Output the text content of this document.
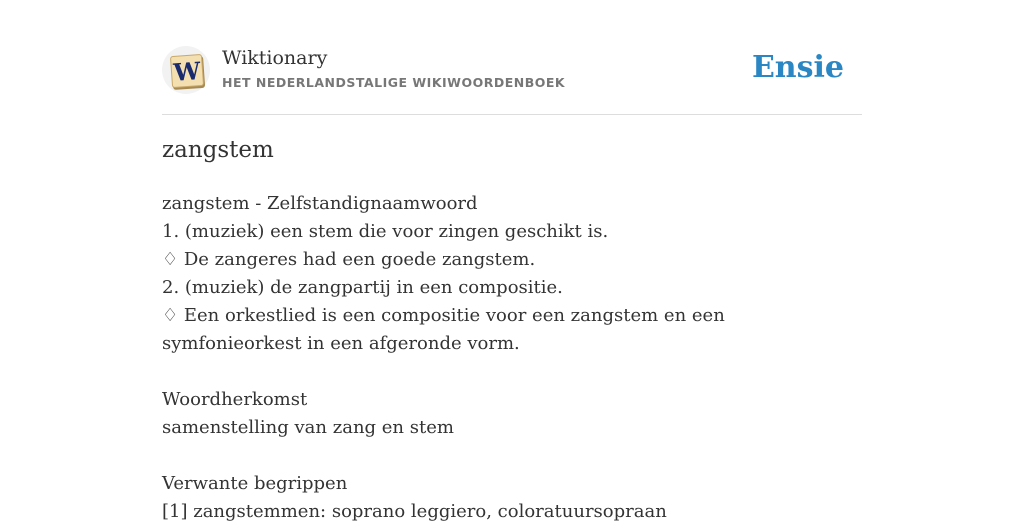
W Wiktionary
HET NEDERLANDSTALIGE WIKIWOORDENBOEK	Ensie
zangstem
zangstem - Zelfstandignaamwoord
1. (muziek) een stem die voor zingen geschikt is.
♢ De zangeres had een goede zangstem.
2. (muziek) de zangpartij in een compositie.
♢ Een orkestlied is een compositie voor een zangstem en een symfonieorkest in een afgeronde vorm.
Woordherkomst
samenstelling van zang en stem
Verwante begrippen
[1] zangstemmen: soprano leggiero, coloratuursopraan
